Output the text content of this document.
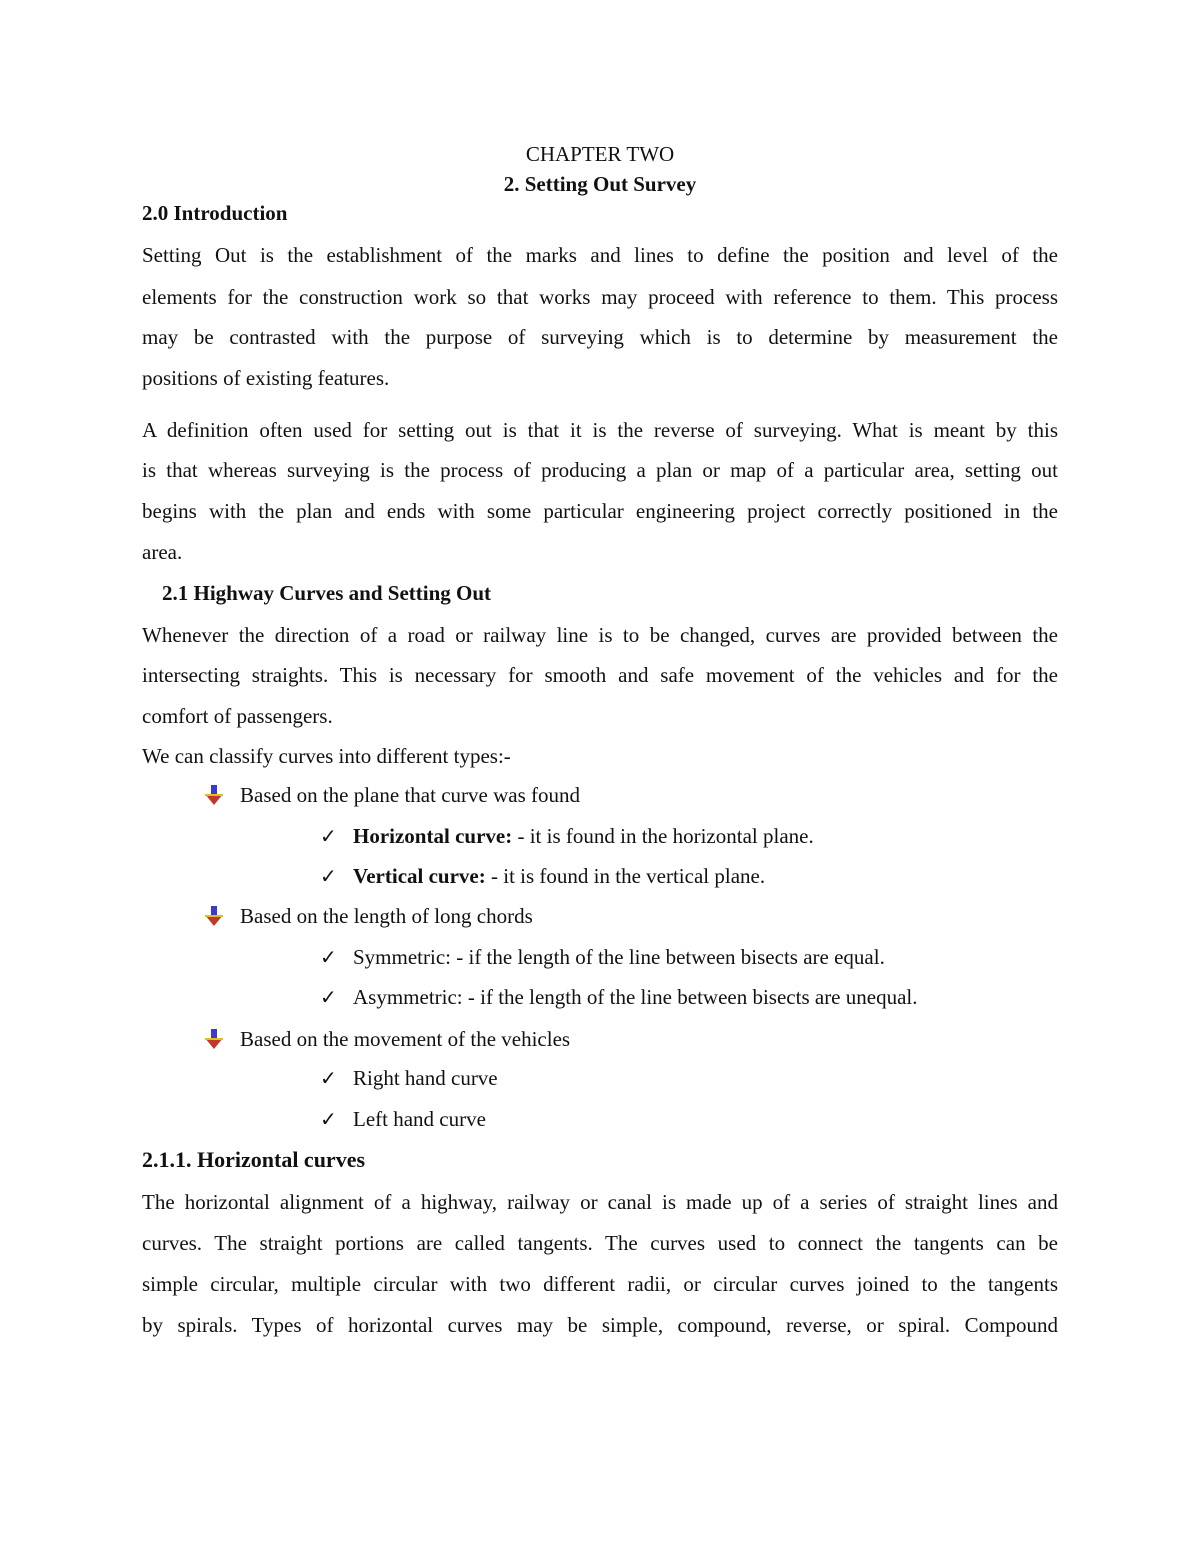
CHAPTER TWO
2. Setting Out Survey
2.0 Introduction
Setting Out is the establishment of the marks and lines to define the position and level of the
elements for the construction work so that works may proceed with reference to them. This process
may be contrasted with the purpose of surveying which is to determine by measurement the
positions of existing features.
A definition often used for setting out is that it is the reverse of surveying. What is meant by this
is that whereas surveying is the process of producing a plan or map of a particular area, setting out
begins with the plan and ends with some particular engineering project correctly positioned in the
area.
2.1 Highway Curves and Setting Out
Whenever the direction of a road or railway line is to be changed, curves are provided between the
intersecting straights. This is necessary for smooth and safe movement of the vehicles and for the
comfort of passengers.
We can classify curves into different types:-
Based on the plane that curve was found
✓ Horizontal curve: - it is found in the horizontal plane.
✓ Vertical curve: - it is found in the vertical plane.
Based on the length of long chords
✓ Symmetric: - if the length of the line between bisects are equal.
✓ Asymmetric: - if the length of the line between bisects are unequal.
Based on the movement of the vehicles
✓ Right hand curve
✓ Left hand curve
2.1.1. Horizontal curves
The horizontal alignment of a highway, railway or canal is made up of a series of straight lines and
curves. The straight portions are called tangents. The curves used to connect the tangents can be
simple circular, multiple circular with two different radii, or circular curves joined to the tangents
by spirals. Types of horizontal curves may be simple, compound, reverse, or spiral. Compound
